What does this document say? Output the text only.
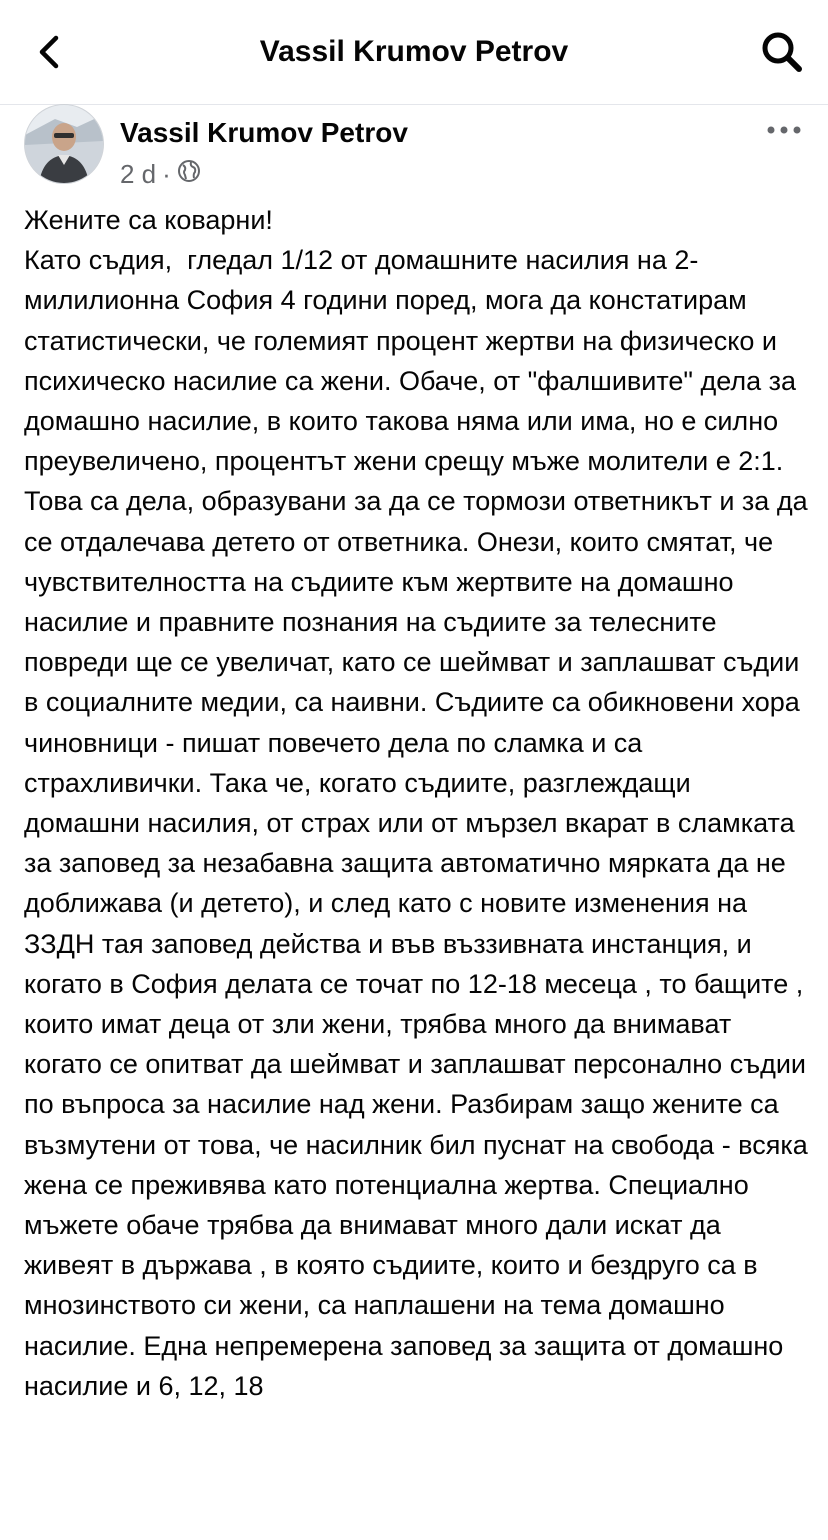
Vassil Krumov Petrov
Vassil Krumov Petrov
2 d ·
Жените са коварни!
Като съдия,  гледал 1/12 от домашните насилия на 2-милилионна София 4 години поред, мога да констатирам статистически, че големият процент жертви на физическо и психическо насилие са жени. Обаче, от "фалшивите" дела за домашно насилие, в които такова няма или има, но е силно преувеличено, процентът жени срещу мъже молители е 2:1. Това са дела, образувани за да се тормози ответникът и за да се отдалечава детето от ответника. Онези, които смятат, че чувствителността на съдиите към жертвите на домашно насилие и правните познания на съдиите за телесните повреди ще се увеличат, като се шеймват и заплашват съдии в социалните медии, са наивни. Съдиите са обикновени хора чиновници - пишат повечето дела по сламка и са страхливички. Така че, когато съдиите, разглеждащи домашни насилия, от страх или от мързел вкарат в сламката за заповед за незабавна защита автоматично мярката да не доближава (и детето), и след като с новите изменения на ЗЗДН тая заповед действа и във въззивната инстанция, и когато в София делата се точат по 12-18 месеца , то бащите , които имат деца от зли жени, трябва много да внимават когато се опитват да шеймват и заплашват персонално съдии по въпроса за насилие над жени. Разбирам защо жените са възмутени от това, че насилник бил пуснат на свобода - всяка жена се преживява като потенциална жертва. Специално мъжете обаче трябва да внимават много дали искат да живеят в държава , в която съдиите, които и бездруго са в мнозинството си жени, са наплашени на тема домашно насилие. Една непремерена заповед за защита от домашно насилие и 6, 12, 18
